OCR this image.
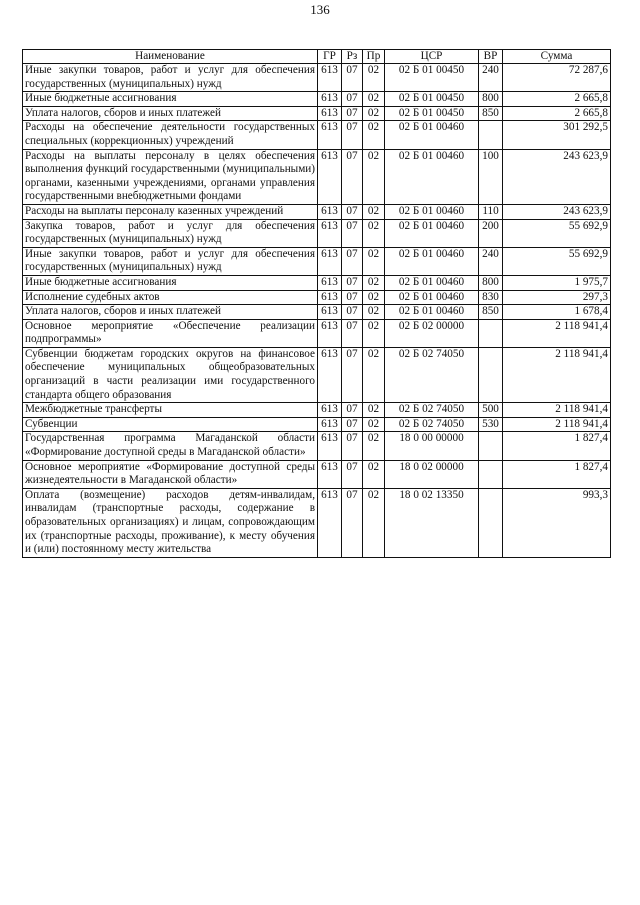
136
Наименование	ГР	Рз	Пр	ЦСР	ВР	Сумма
Иные закупки товаров, работ и услуг для обеспечения государственных (муниципальных) нужд	613	07	02	02 Б 01 00450	240	72 287,6
Иные бюджетные ассигнования	613	07	02	02 Б 01 00450	800	2 665,8
Уплата налогов, сборов и иных платежей	613	07	02	02 Б 01 00450	850	2 665,8
Расходы на обеспечение деятельности государственных специальных (коррекционных) учреждений	613	07	02	02 Б 01 00460		301 292,5
Расходы на выплаты персоналу в целях обеспечения выполнения функций государственными (муниципальными) органами, казенными учреждениями, органами управления государственными внебюджетными фондами	613	07	02	02 Б 01 00460	100	243 623,9
Расходы на выплаты персоналу казенных учреждений	613	07	02	02 Б 01 00460	110	243 623,9
Закупка товаров, работ и услуг для обеспечения государственных (муниципальных) нужд	613	07	02	02 Б 01 00460	200	55 692,9
Иные закупки товаров, работ и услуг для обеспечения государственных (муниципальных) нужд	613	07	02	02 Б 01 00460	240	55 692,9
Иные бюджетные ассигнования	613	07	02	02 Б 01 00460	800	1 975,7
Исполнение судебных актов	613	07	02	02 Б 01 00460	830	297,3
Уплата налогов, сборов и иных платежей	613	07	02	02 Б 01 00460	850	1 678,4
Основное мероприятие «Обеспечение реализации подпрограммы»	613	07	02	02 Б 02 00000		2 118 941,4
Субвенции бюджетам городских округов на финансовое обеспечение муниципальных общеобразовательных организаций в части реализации ими государственного стандарта общего образования	613	07	02	02 Б 02 74050		2 118 941,4
Межбюджетные трансферты	613	07	02	02 Б 02 74050	500	2 118 941,4
Субвенции	613	07	02	02 Б 02 74050	530	2 118 941,4
Государственная программа Магаданской области «Формирование доступной среды в Магаданской области»	613	07	02	18 0 00 00000		1 827,4
Основное мероприятие «Формирование доступной среды жизнедеятельности в Магаданской области»	613	07	02	18 0 02 00000		1 827,4
Оплата (возмещение) расходов детям-инвалидам, инвалидам (транспортные расходы, содержание в образовательных организациях) и лицам, сопровождающим их (транспортные расходы, проживание), к месту обучения и (или) постоянному месту жительства	613	07	02	18 0 02 13350		993,3
